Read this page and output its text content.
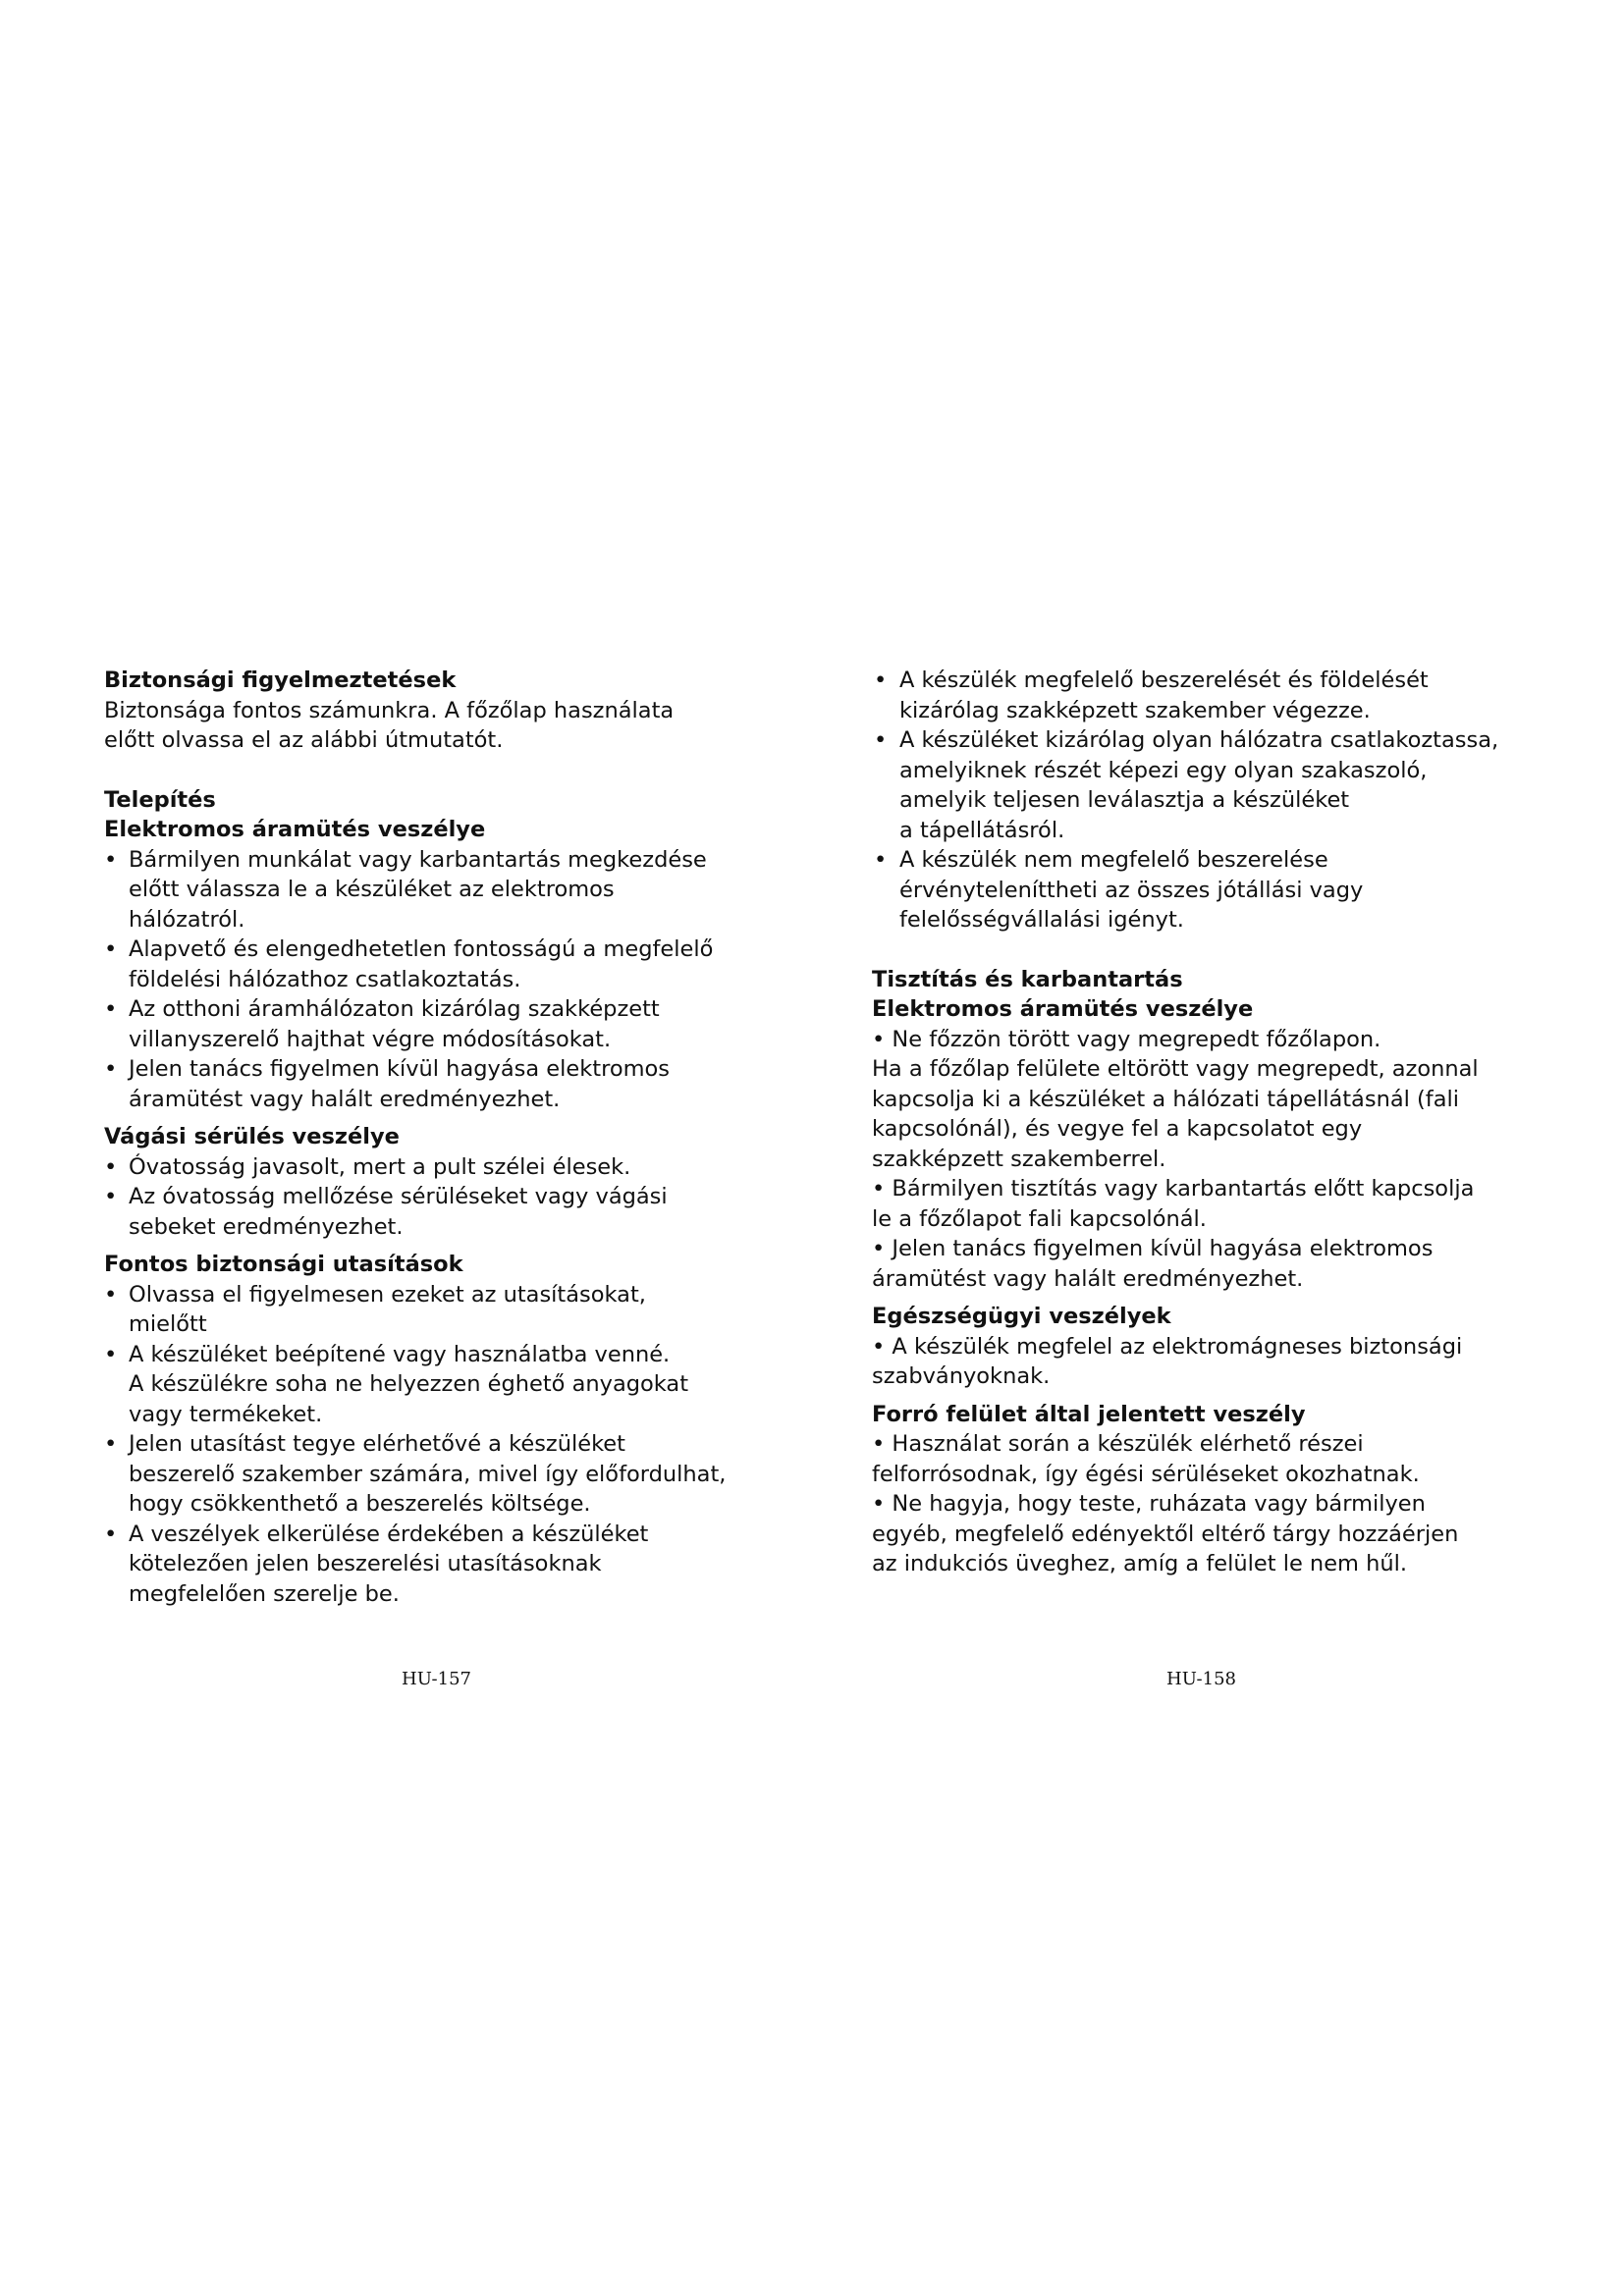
Biztonsági figyelmeztetések
Biztonsága fontos számunkra. A főzőlap használata
előtt olvassa el az alábbi útmutatót.
Telepítés
Elektromos áramütés veszélye
• Bármilyen munkálat vagy karbantartás megkezdése
előtt válassza le a készüléket az elektromos
hálózatról.
• Alapvető és elengedhetetlen fontosságú a megfelelő
földelési hálózathoz csatlakoztatás.
• Az otthoni áramhálózaton kizárólag szakképzett
villanyszerelő hajthat végre módosításokat.
• Jelen tanács figyelmen kívül hagyása elektromos
áramütést vagy halált eredményezhet.
Vágási sérülés veszélye
• Óvatosság javasolt, mert a pult szélei élesek.
• Az óvatosság mellőzése sérüléseket vagy vágási
sebeket eredményezhet.
Fontos biztonsági utasítások
• Olvassa el figyelmesen ezeket az utasításokat,
mielőtt
• A készüléket beépítené vagy használatba venné.
A készülékre soha ne helyezzen éghető anyagokat
vagy termékeket.
• Jelen utasítást tegye elérhetővé a készüléket
beszerelő szakember számára, mivel így előfordulhat,
hogy csökkenthető a beszerelés költsége.
• A veszélyek elkerülése érdekében a készüléket
kötelezően jelen beszerelési utasításoknak
megfelelően szerelje be.
• A készülék megfelelő beszerelését és földelését
kizárólag szakképzett szakember végezze.
• A készüléket kizárólag olyan hálózatra csatlakoztassa,
amelyiknek részét képezi egy olyan szakaszoló,
amelyik teljesen leválasztja a készüléket
a tápellátásról.
• A készülék nem megfelelő beszerelése
érvényteleníttheti az összes jótállási vagy
felelősségvállalási igényt.
Tisztítás és karbantartás
Elektromos áramütés veszélye
• Ne főzzön törött vagy megrepedt főzőlapon.
Ha a főzőlap felülete eltörött vagy megrepedt, azonnal
kapcsolja ki a készüléket a hálózati tápellátásnál (fali
kapcsolónál), és vegye fel a kapcsolatot egy
szakképzett szakemberrel.
• Bármilyen tisztítás vagy karbantartás előtt kapcsolja
le a főzőlapot fali kapcsolónál.
• Jelen tanács figyelmen kívül hagyása elektromos
áramütést vagy halált eredményezhet.
Egészségügyi veszélyek
• A készülék megfelel az elektromágneses biztonsági
szabványoknak.
Forró felület által jelentett veszély
• Használat során a készülék elérhető részei
felforrósodnak, így égési sérüléseket okozhatnak.
• Ne hagyja, hogy teste, ruházata vagy bármilyen
egyéb, megfelelő edényektől eltérő tárgy hozzáérjen
az indukciós üveghez, amíg a felület le nem hűl.
HU-157	HU-158
